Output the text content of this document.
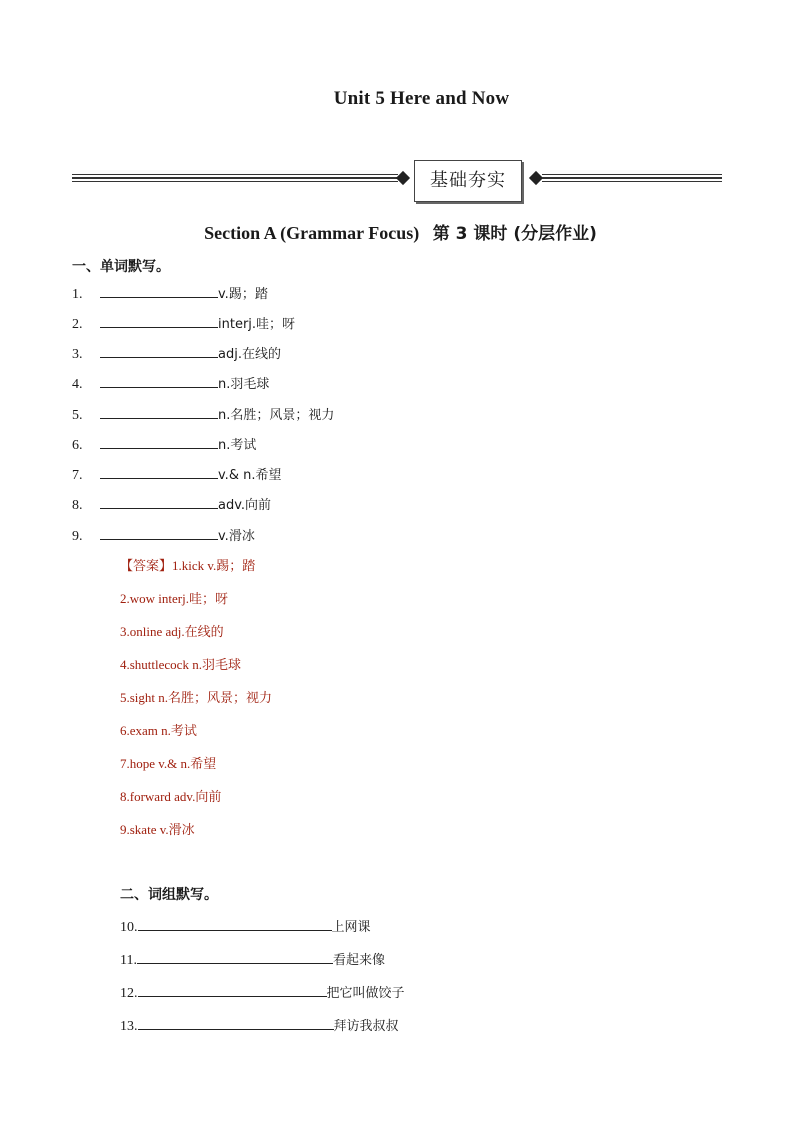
Unit 5 Here and Now
基础夯实
Section A (Grammar Focus) 第 3 课时 (分层作业)
一、单词默写。
1.	v.踢；踏
2.	interj.哇；呀
3.	adj.在线的
4.	n.羽毛球
5.	n.名胜；风景；视力
6.	n.考试
7.	v.& n.希望
8.	adv.向前
9.	v.滑冰
【答案】1.kick v.踢；踏
2.wow interj.哇；呀
3.online adj.在线的
4.shuttlecock n.羽毛球
5.sight n.名胜；风景；视力
6.exam n.考试
7.hope v.& n.希望
8.forward adv.向前
9.skate v.滑冰
二、词组默写。
10.	上网课
11.	看起来像
12.	把它叫做饺子
13.	拜访我叔叔
